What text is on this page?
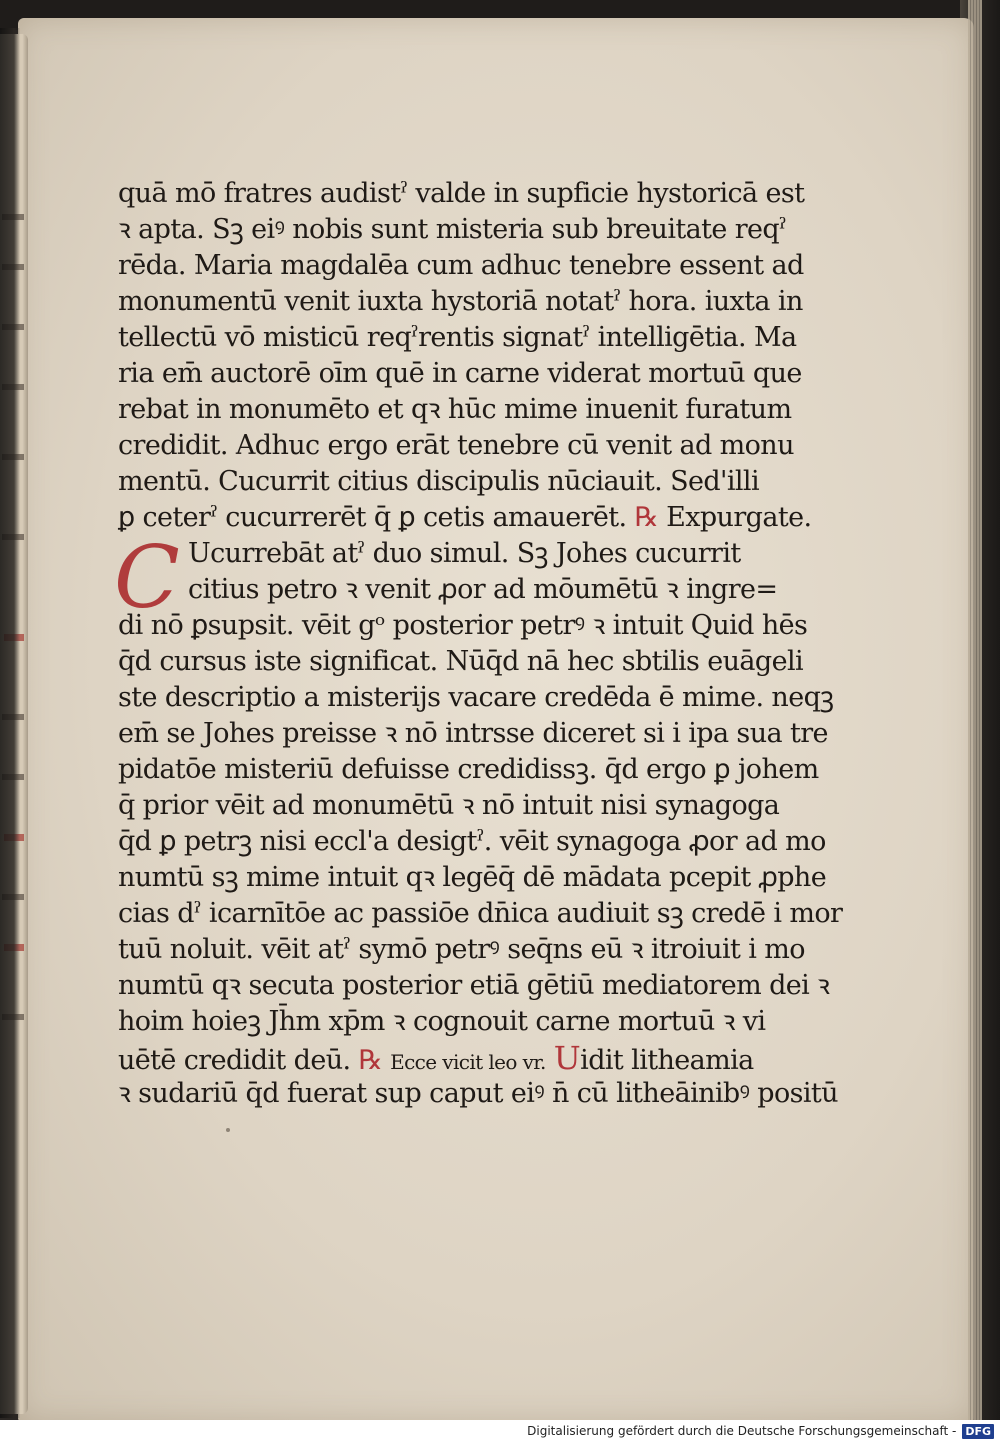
quā mō fratres audistˀ valde in supficie hystoricā est
ꝛ apta. Sꝫ eiꝰ nobis sunt misteria sub breuitate reqˀ
rēda. Maria magdalēa cum adhuc tenebre essent ad
monumentū venit iuxta hystoriā notatˀ hora. iuxta in
tellectū vō misticū reqˀrentis signatˀ intelligētia. Ma
ria em̄ auctorē oīm quē in carne viderat mortuū que
rebat in monumēto et qꝛ hūc mime inuenit furatum
credidit. Adhuc ergo erāt tenebre cū venit ad monu
mentū. Cucurrit citius discipulis nūciauit. Sed'illi
ꝑ ceterˀ cucurrerēt q̄ ꝑ cetis amauerēt. ℞ Expurgate.
C Ucurrebāt atˀ duo simul. Sꝫ Johes cucurrit
citius petro ꝛ venit ꝓor ad mōumētū ꝛ ingre=
di nō ꝑsupsit. vēit gᵒ posterior petrꝰ ꝛ intuit Quid hēs
q̄d cursus iste significat. Nūq̄d nā hec sbtilis euāgeli
ste descriptio a misterijs vacare credēda ē mime. neqꝫ
em̄ se Johes preisse ꝛ nō intrsse diceret si i ipa sua tre
pidatōe misteriū defuisse credidissꝫ. q̄d ergo ꝑ johem
q̄ prior vēit ad monumētū ꝛ nō intuit nisi synagoga
q̄d ꝑ petrꝫ nisi eccl'a desigtˀ. vēit synagoga ꝓor ad mo
numtū sꝫ mime intuit qꝛ legēq̄ dē mādata pcepit ꝓphe
cias dˀ icarnītōe ac passiōe dn̄ica audiuit sꝫ credē i mor
tuū noluit. vēit atˀ symō petrꝰ seq̄ns eū ꝛ itroiuit i mo
numtū qꝛ secuta posterior etiā gētiū mediatorem dei ꝛ
hoim hoieꝫ Jh̄m xp̄m ꝛ cognouit carne mortuū ꝛ vi
uētē credidit deū. ℞ Ecce vicit leo vr. Uidit litheamia
ꝛ sudariū q̄d fuerat sup caput eiꝰ n̄ cū litheāinibꝰ positū
Digitalisierung gefördert durch die Deutsche Forschungsgemeinschaft - DFG
